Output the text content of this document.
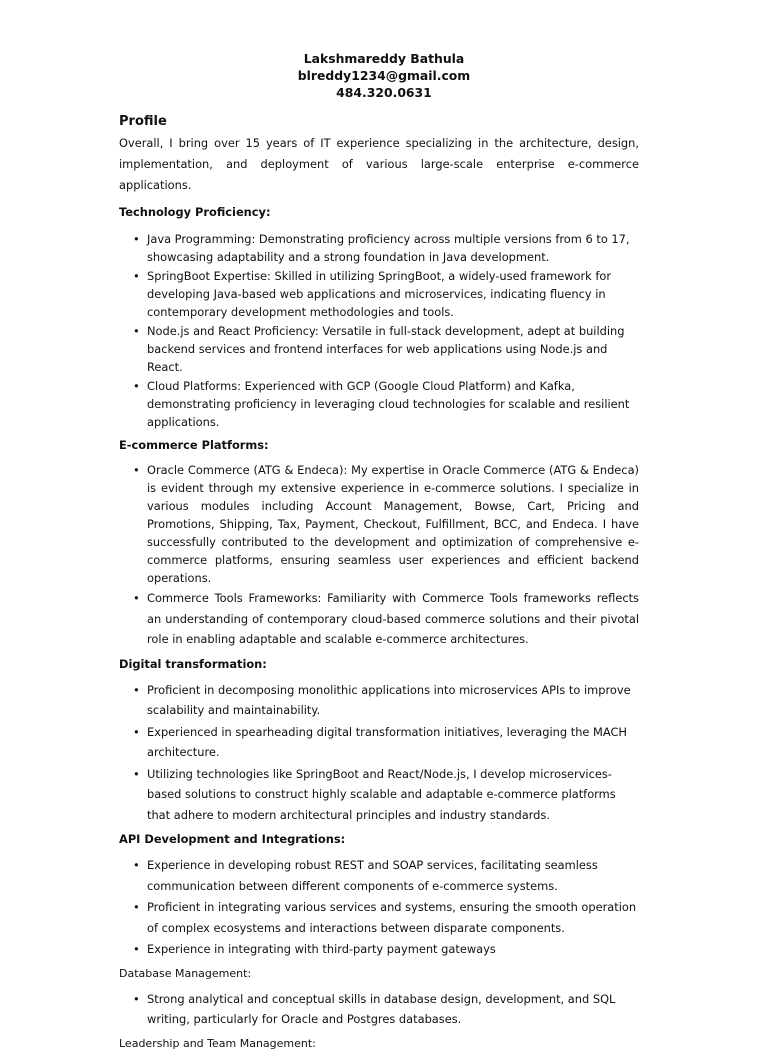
Lakshmareddy Bathula
blreddy1234@gmail.com
484.320.0631
Profile

Overall, I bring over 15 years of IT experience specializing in the architecture, design, implementation, and deployment of various large-scale enterprise e-commerce applications.

Technology Proficiency:
• Java Programming: Demonstrating proficiency across multiple versions from 6 to 17, showcasing adaptability and a strong foundation in Java development.
• SpringBoot Expertise: Skilled in utilizing SpringBoot, a widely-used framework for developing Java-based web applications and microservices, indicating fluency in contemporary development methodologies and tools.
• Node.js and React Proficiency: Versatile in full-stack development, adept at building backend services and frontend interfaces for web applications using Node.js and React.
• Cloud Platforms: Experienced with GCP (Google Cloud Platform) and Kafka, demonstrating proficiency in leveraging cloud technologies for scalable and resilient applications.
E-commerce Platforms:
• Oracle Commerce (ATG & Endeca): My expertise in Oracle Commerce (ATG & Endeca) is evident through my extensive experience in e-commerce solutions. I specialize in various modules including Account Management, Bowse, Cart, Pricing and Promotions, Shipping, Tax, Payment, Checkout, Fulfillment, BCC, and Endeca. I have successfully contributed to the development and optimization of comprehensive e-commerce platforms, ensuring seamless user experiences and efficient backend operations.
• Commerce Tools Frameworks: Familiarity with Commerce Tools frameworks reflects an understanding of contemporary cloud-based commerce solutions and their pivotal role in enabling adaptable and scalable e-commerce architectures.
Digital transformation:
• Proficient in decomposing monolithic applications into microservices APIs to improve scalability and maintainability.
• Experienced in spearheading digital transformation initiatives, leveraging the MACH architecture.
• Utilizing technologies like SpringBoot and React/Node.js, I develop microservices-based solutions to construct highly scalable and adaptable e-commerce platforms that adhere to modern architectural principles and industry standards.
API Development and Integrations:
• Experience in developing robust REST and SOAP services, facilitating seamless communication between different components of e-commerce systems.
• Proficient in integrating various services and systems, ensuring the smooth operation of complex ecosystems and interactions between disparate components.
• Experience in integrating with third-party payment gateways
Database Management:
• Strong analytical and conceptual skills in database design, development, and SQL writing, particularly for Oracle and Postgres databases.
Leadership and Team Management:
